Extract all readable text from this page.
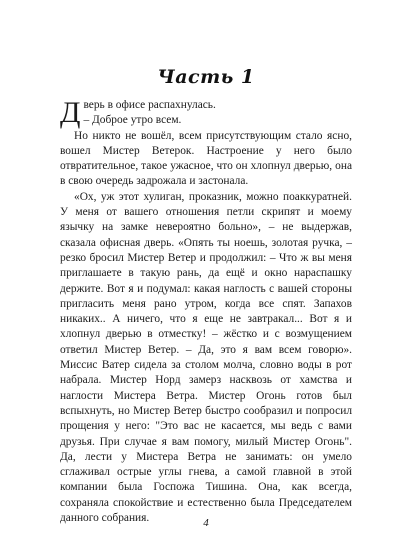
Часть 1

Дверь в офисе распахнулась.

– Доброе утро всем.

Но никто не вошёл, всем присутствующим стало ясно, вошел Мистер Ветерок. Настроение у него было отвратительное, такое ужасное, что он хлопнул дверью, она в свою очередь задрожала и застонала.

«Ох, уж этот хулиган, проказник, можно поаккуратней. У меня от вашего отношения петли скрипят и моему язычку на замке невероятно больно», – не выдержав, сказала офисная дверь. «Опять ты ноешь, золотая ручка, – резко бросил Мистер Ветер и продолжил: – Что ж вы меня приглашаете в такую рань, да ещё и окно нараспашку держите. Вот я и подумал: какая наглость с вашей стороны пригласить меня рано утром, когда все спят. Запахов никаких.. А ничего, что я еще не завтракал... Вот я и хлопнул дверью в отместку! – жёстко и с возмущением ответил Мистер Ветер. – Да, это я вам всем говорю». Миссис Ватер сидела за столом молча, словно воды в рот набрала. Мистер Норд замерз насквозь от хамства и наглости Мистера Ветра. Мистер Огонь готов был вспыхнуть, но Мистер Ветер быстро сообразил и попросил прощения у него: "Это вас не касается, мы ведь с вами друзья. При случае я вам помогу, милый Мистер Огонь". Да, лести у Мистера Ветра не занимать: он умело сглаживал острые углы гнева, а самой главной в этой компании была Госпожа Тишина. Она, как всегда, сохраняла спокойствие и естественно была Председателем данного собрания.	4
